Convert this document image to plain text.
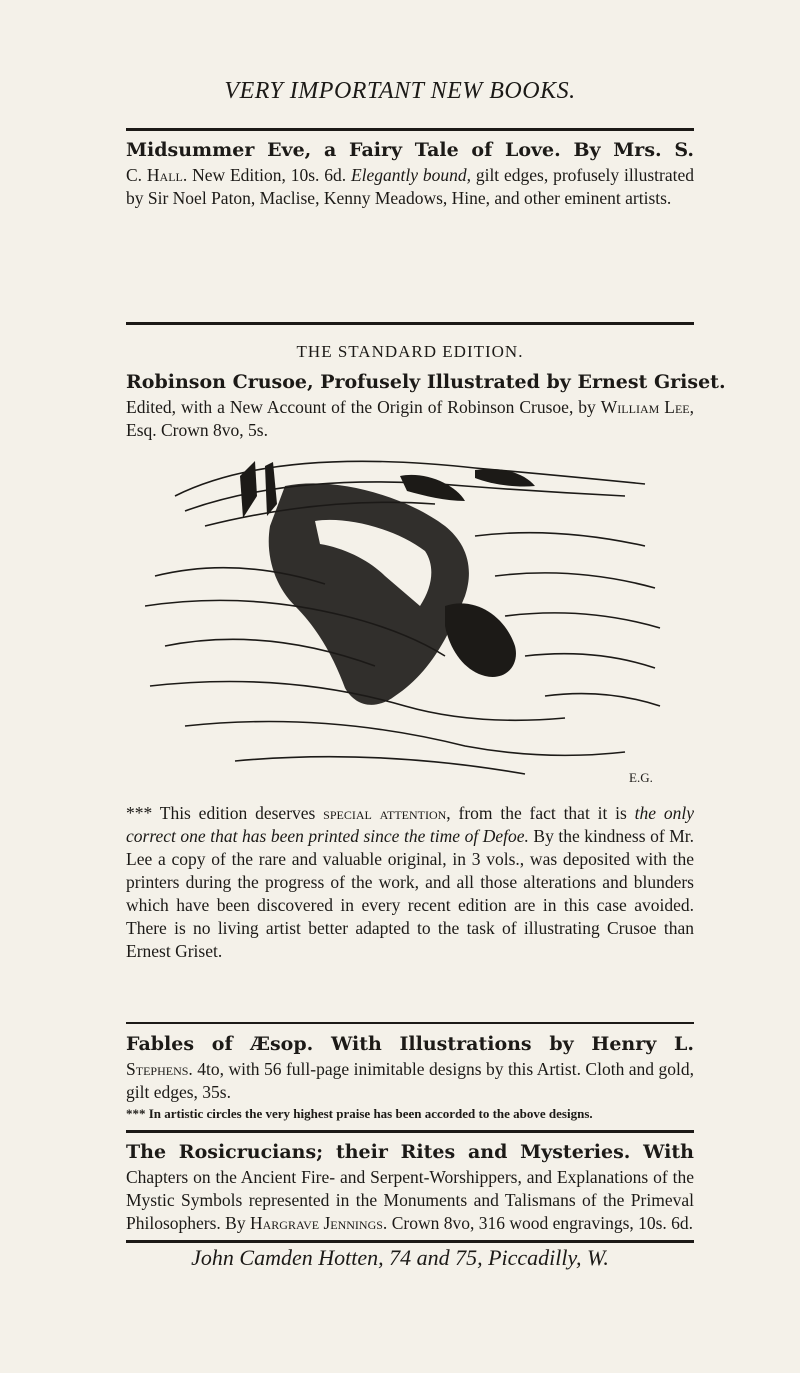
VERY IMPORTANT NEW BOOKS.
Midsummer Eve, a Fairy Tale of Love. By Mrs. S.
C. Hall. New Edition, 10s. 6d. Elegantly bound, gilt edges, profusely illustrated by Sir Noel Paton, Maclise, Kenny Meadows, Hine, and other eminent artists.
THE STANDARD EDITION.
Robinson Crusoe, Profusely Illustrated by Ernest Griset.
Edited, with a New Account of the Origin of Robinson Crusoe, by William Lee, Esq. Crown 8vo, 5s.
E.G.
*** This edition deserves special attention, from the fact that it is the only correct one that has been printed since the time of Defoe. By the kindness of Mr. Lee a copy of the rare and valuable original, in 3 vols., was deposited with the printers during the progress of the work, and all those alterations and blunders which have been discovered in every recent edition are in this case avoided. There is no living artist better adapted to the task of illustrating Crusoe than Ernest Griset.
Fables of Æsop. With Illustrations by Henry L.
Stephens. 4to, with 56 full-page inimitable designs by this Artist. Cloth and gold, gilt edges, 35s.
*** In artistic circles the very highest praise has been accorded to the above designs.
The Rosicrucians; their Rites and Mysteries. With
Chapters on the Ancient Fire- and Serpent-Worshippers, and Explanations of the Mystic Symbols represented in the Monuments and Talismans of the Primeval Philosophers. By Hargrave Jennings. Crown 8vo, 316 wood engravings, 10s. 6d.
John Camden Hotten, 74 and 75, Piccadilly, W.
